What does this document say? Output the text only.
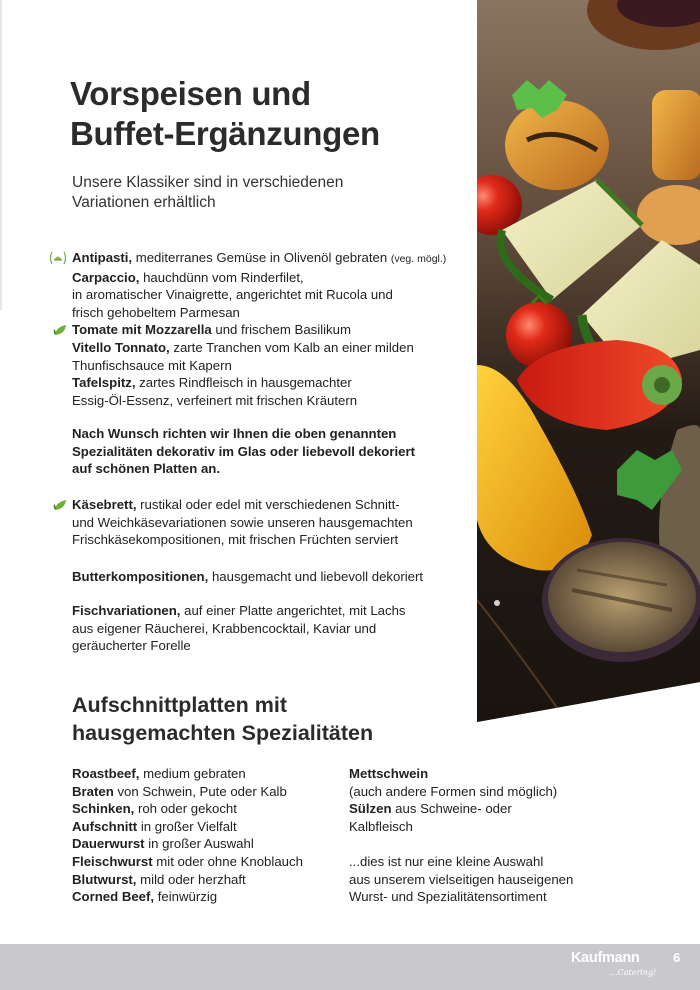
Vorspeisen und
Buffet-Ergänzungen
Unsere Klassiker sind in verschiedenen
Variationen erhältlich
Antipasti, mediterranes Gemüse in Olivenöl gebraten (veg. mögl.)
Carpaccio, hauchdünn vom Rinderfilet,
in aromatischer Vinaigrette, angerichtet mit Rucola und
frisch gehobeltem Parmesan
Tomate mit Mozzarella und frischem Basilikum
Vitello Tonnato, zarte Tranchen vom Kalb an einer milden
Thunfischsauce mit Kapern
Tafelspitz, zartes Rindfleisch in hausgemachter
Essig-Öl-Essenz, verfeinert mit frischen Kräutern
Nach Wunsch richten wir Ihnen die oben genannten
Spezialitäten dekorativ im Glas oder liebevoll dekoriert
auf schönen Platten an.
Käsebrett, rustikal oder edel mit verschiedenen Schnitt-
und Weichkäsevariationen sowie unseren hausgemachten
Frischkäsekompositionen, mit frischen Früchten serviert
Butterkompositionen, hausgemacht und liebevoll dekoriert
Fischvariationen, auf einer Platte angerichtet, mit Lachs
aus eigener Räucherei, Krabbencocktail, Kaviar und
geräucherter Forelle
Aufschnittplatten mit
hausgemachten Spezialitäten
Roastbeef, medium gebraten
Braten von Schwein, Pute oder Kalb
Schinken, roh oder gekocht
Aufschnitt in großer Vielfalt
Dauerwurst in großer Auswahl
Fleischwurst mit oder ohne Knoblauch
Blutwurst, mild oder herzhaft
Corned Beef, feinwürzig
Mettschwein
(auch andere Formen sind möglich)
Sülzen aus Schweine- oder
Kalbfleisch
...dies ist nur eine kleine Auswahl
aus unserem vielseitigen hauseigenen
Wurst- und Spezialitätensortiment
Kaufmann
...Catering!
6
